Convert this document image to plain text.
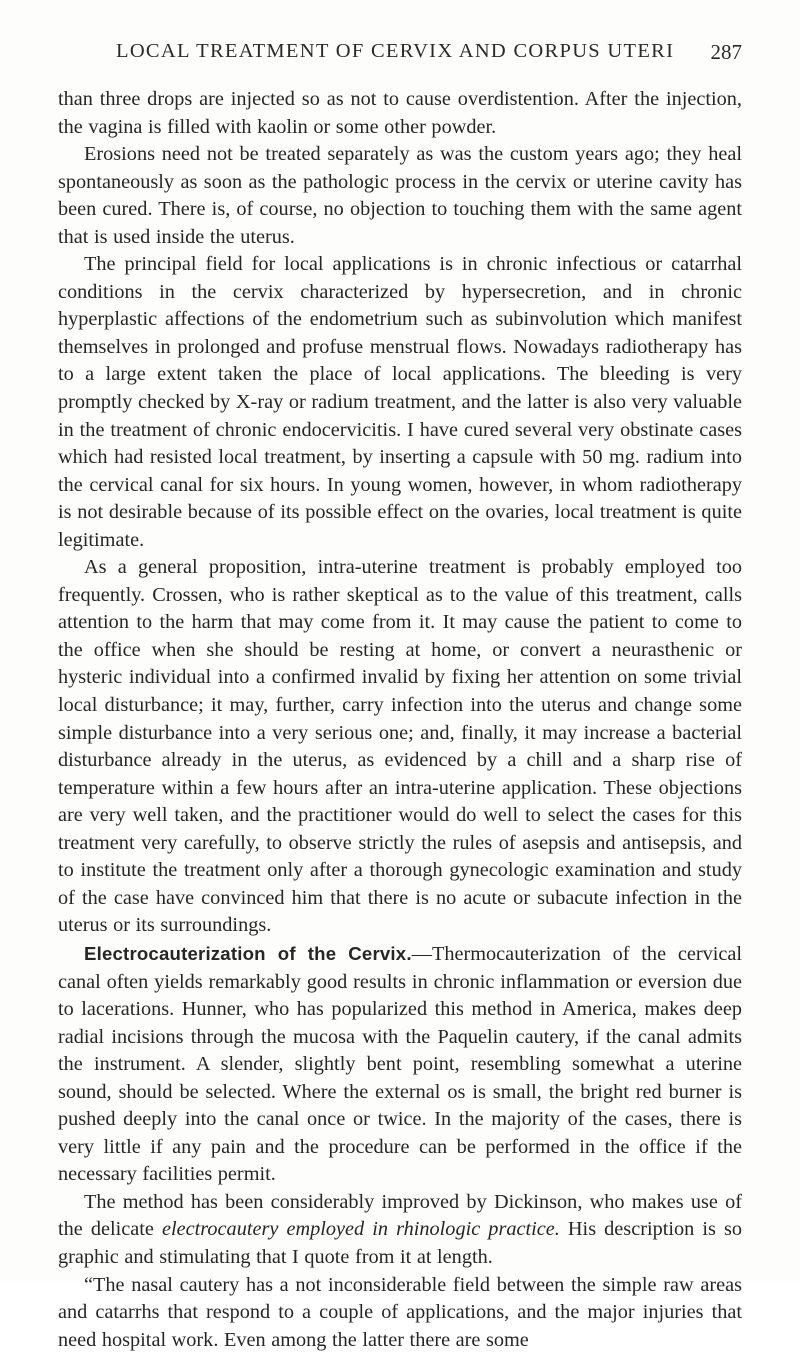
LOCAL TREATMENT OF CERVIX AND CORPUS UTERI 287

than three drops are injected so as not to cause overdistention. After the injection, the vagina is filled with kaolin or some other powder.

Erosions need not be treated separately as was the custom years ago; they heal spontaneously as soon as the pathologic process in the cervix or uterine cavity has been cured. There is, of course, no objection to touching them with the same agent that is used inside the uterus.

The principal field for local applications is in chronic infectious or catarrhal conditions in the cervix characterized by hypersecretion, and in chronic hyperplastic affections of the endometrium such as subinvolution which manifest themselves in prolonged and profuse menstrual flows. Nowadays radiotherapy has to a large extent taken the place of local applications. The bleeding is very promptly checked by X-ray or radium treatment, and the latter is also very valuable in the treatment of chronic endocervicitis. I have cured several very obstinate cases which had resisted local treatment, by inserting a capsule with 50 mg. radium into the cervical canal for six hours. In young women, however, in whom radiotherapy is not desirable because of its possible effect on the ovaries, local treatment is quite legitimate.

As a general proposition, intra-uterine treatment is probably employed too frequently. Crossen, who is rather skeptical as to the value of this treatment, calls attention to the harm that may come from it. It may cause the patient to come to the office when she should be resting at home, or convert a neurasthenic or hysteric individual into a confirmed invalid by fixing her attention on some trivial local disturbance; it may, further, carry infection into the uterus and change some simple disturbance into a very serious one; and, finally, it may increase a bacterial disturbance already in the uterus, as evidenced by a chill and a sharp rise of temperature within a few hours after an intra-uterine application. These objections are very well taken, and the practitioner would do well to select the cases for this treatment very carefully, to observe strictly the rules of asepsis and antisepsis, and to institute the treatment only after a thorough gynecologic examination and study of the case have convinced him that there is no acute or subacute infection in the uterus or its surroundings.

Electrocauterization of the Cervix.—Thermocauterization of the cervical canal often yields remarkably good results in chronic inflammation or eversion due to lacerations. Hunner, who has popularized this method in America, makes deep radial incisions through the mucosa with the Paquelin cautery, if the canal admits the instrument. A slender, slightly bent point, resembling somewhat a uterine sound, should be selected. Where the external os is small, the bright red burner is pushed deeply into the canal once or twice. In the majority of the cases, there is very little if any pain and the procedure can be performed in the office if the necessary facilities permit.

The method has been considerably improved by Dickinson, who makes use of the delicate electrocautery employed in rhinologic practice. His description is so graphic and stimulating that I quote from it at length.

“The nasal cautery has a not inconsiderable field between the simple raw areas and catarrhs that respond to a couple of applications, and the major injuries that need hospital work. Even among the latter there are some
